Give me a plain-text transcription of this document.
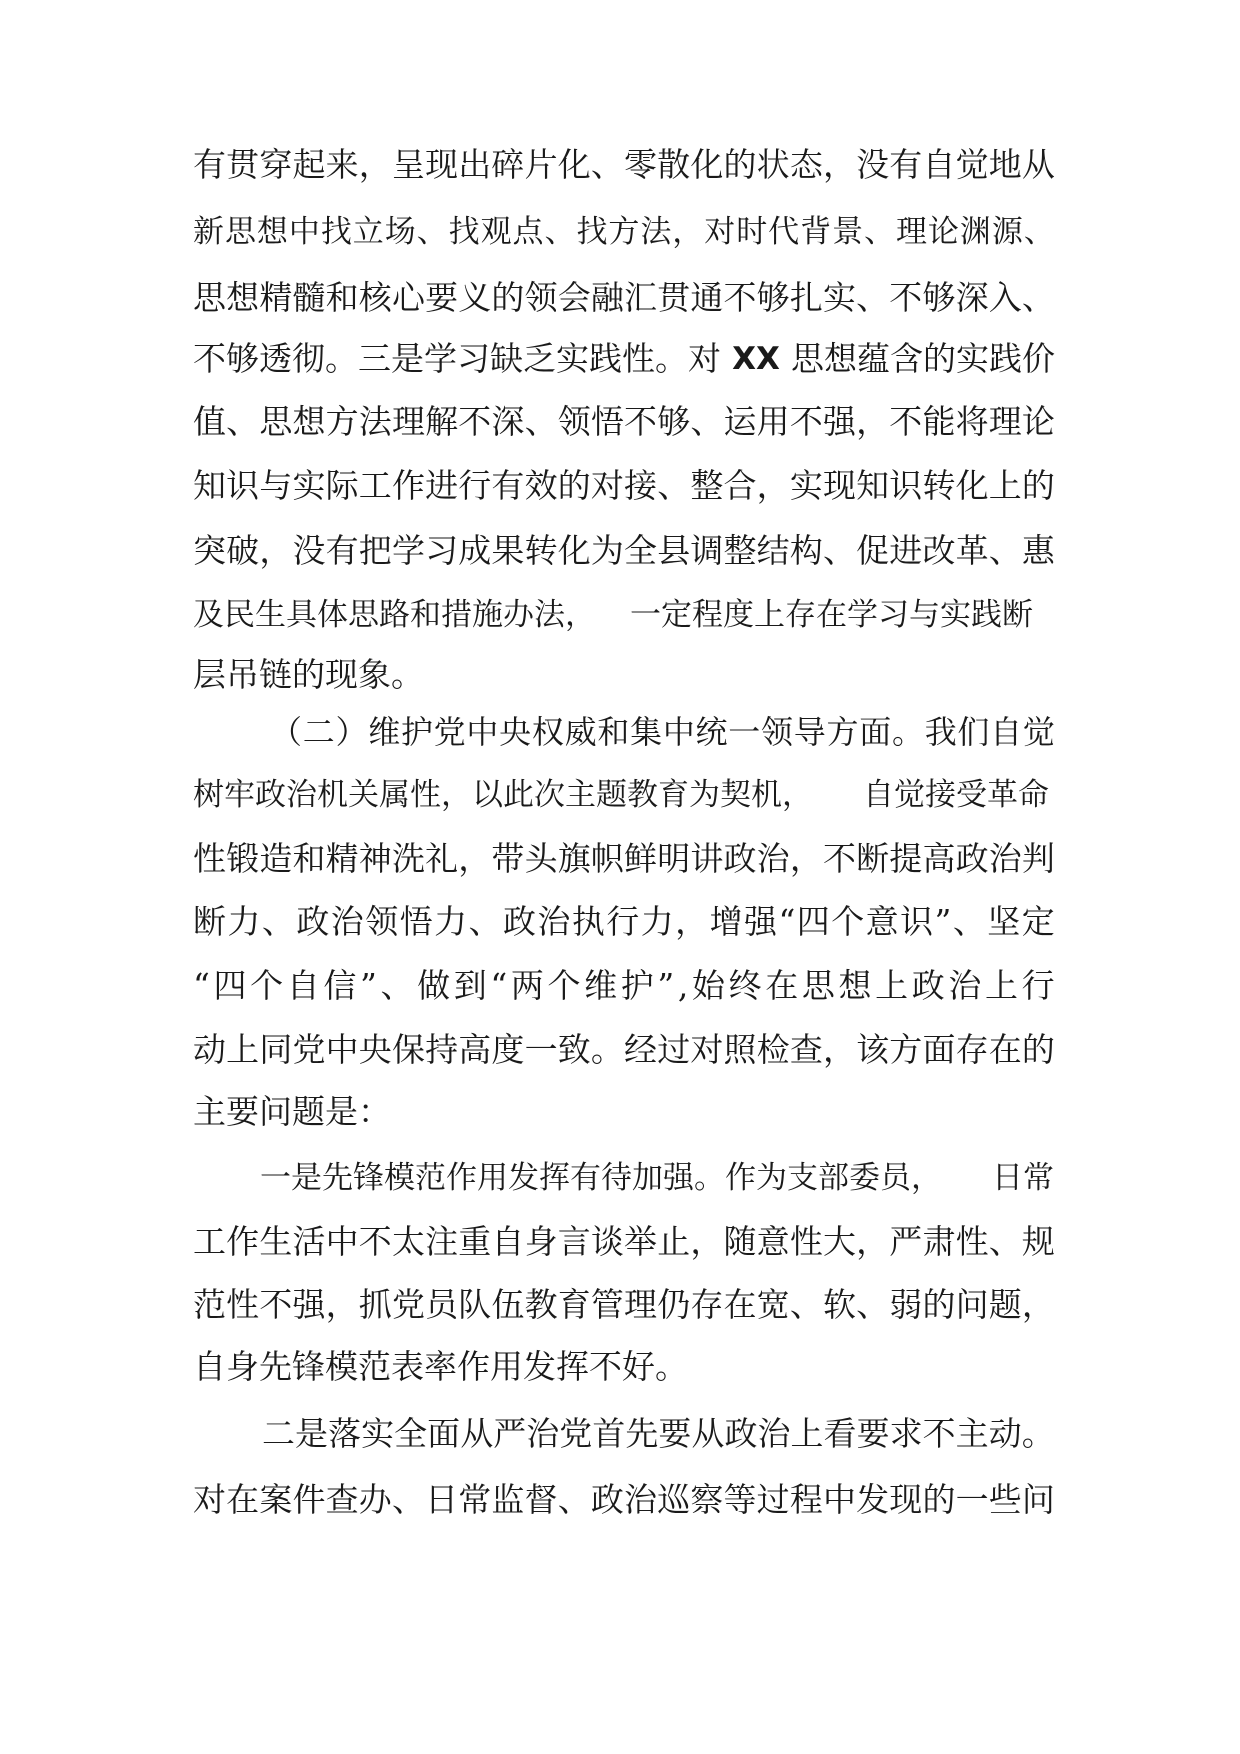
有 贯 穿 起 来 ， 呈 现 出 碎 片 化 、 零 散 化 的 状 态 ， 没 有 自 觉 地 从
新 思 想 中 找 立 场 、 找 观 点 、 找 方 法 ， 对 时 代 背 景 、 理 论 渊 源 、
思 想 精 髓 和 核 心 要 义 的 领 会 融 汇 贯 通 不 够 扎 实 、 不 够 深 入 、
不够透彻。三是学习缺乏实践性。对 XX 思想蕴含的实践价
值 、 思 想 方 法 理 解 不 深 、 领 悟 不 够 、 运 用 不 强 ， 不 能 将 理 论
知 识 与 实 际 工 作 进 行 有 效 的 对 接 、 整 合 ， 实 现 知 识 转 化 上 的
突 破 ， 没 有 把 学 习 成 果 转 化 为 全 县 调 整 结 构 、 促 进 改 革 、 惠
及民生具体思路和措施办法， 一定程度上存在学习与实践断
层吊链的现象。
（ 二 ） 维 护 党 中 央 权 威 和 集 中 统 一 领 导 方 面 。 我 们 自 觉
树牢政治机关属性，以此次主题教育为契机， 自觉接受革命
性 锻 造 和 精 神 洗 礼 ， 带 头 旗 帜 鲜 明 讲 政 治 ， 不 断 提 高 政 治 判
断 力 、 政 治 领 悟 力 、 政 治 执 行 力 ， 增 强 “ 四 个 意 识 ” 、 坚 定
“ 四 个 自 信 ” 、 做 到 “ 两 个 维 护 ” , 始 终 在 思 想 上 政 治 上 行
动 上 同 党 中 央 保 持 高 度 一 致 。 经 过 对 照 检 查 ， 该 方 面 存 在 的
主要问题是：
一是先锋模范作用发挥有待加强。作为支部委员， 日常
工 作 生 活 中 不 太 注 重 自 身 言 谈 举 止 ， 随 意 性 大 ， 严 肃 性 、 规
范 性 不 强 ， 抓 党 员 队 伍 教 育 管 理 仍 存 在 宽 、 软 、 弱 的 问 题 ，
自身先锋模范表率作用发挥不好。
二 是 落 实 全 面 从 严 治 党 首 先 要 从 政 治 上 看 要 求 不 主 动 。
对 在 案 件 查 办 、 日 常 监 督 、 政 治 巡 察 等 过 程 中 发 现 的 一 些 问
